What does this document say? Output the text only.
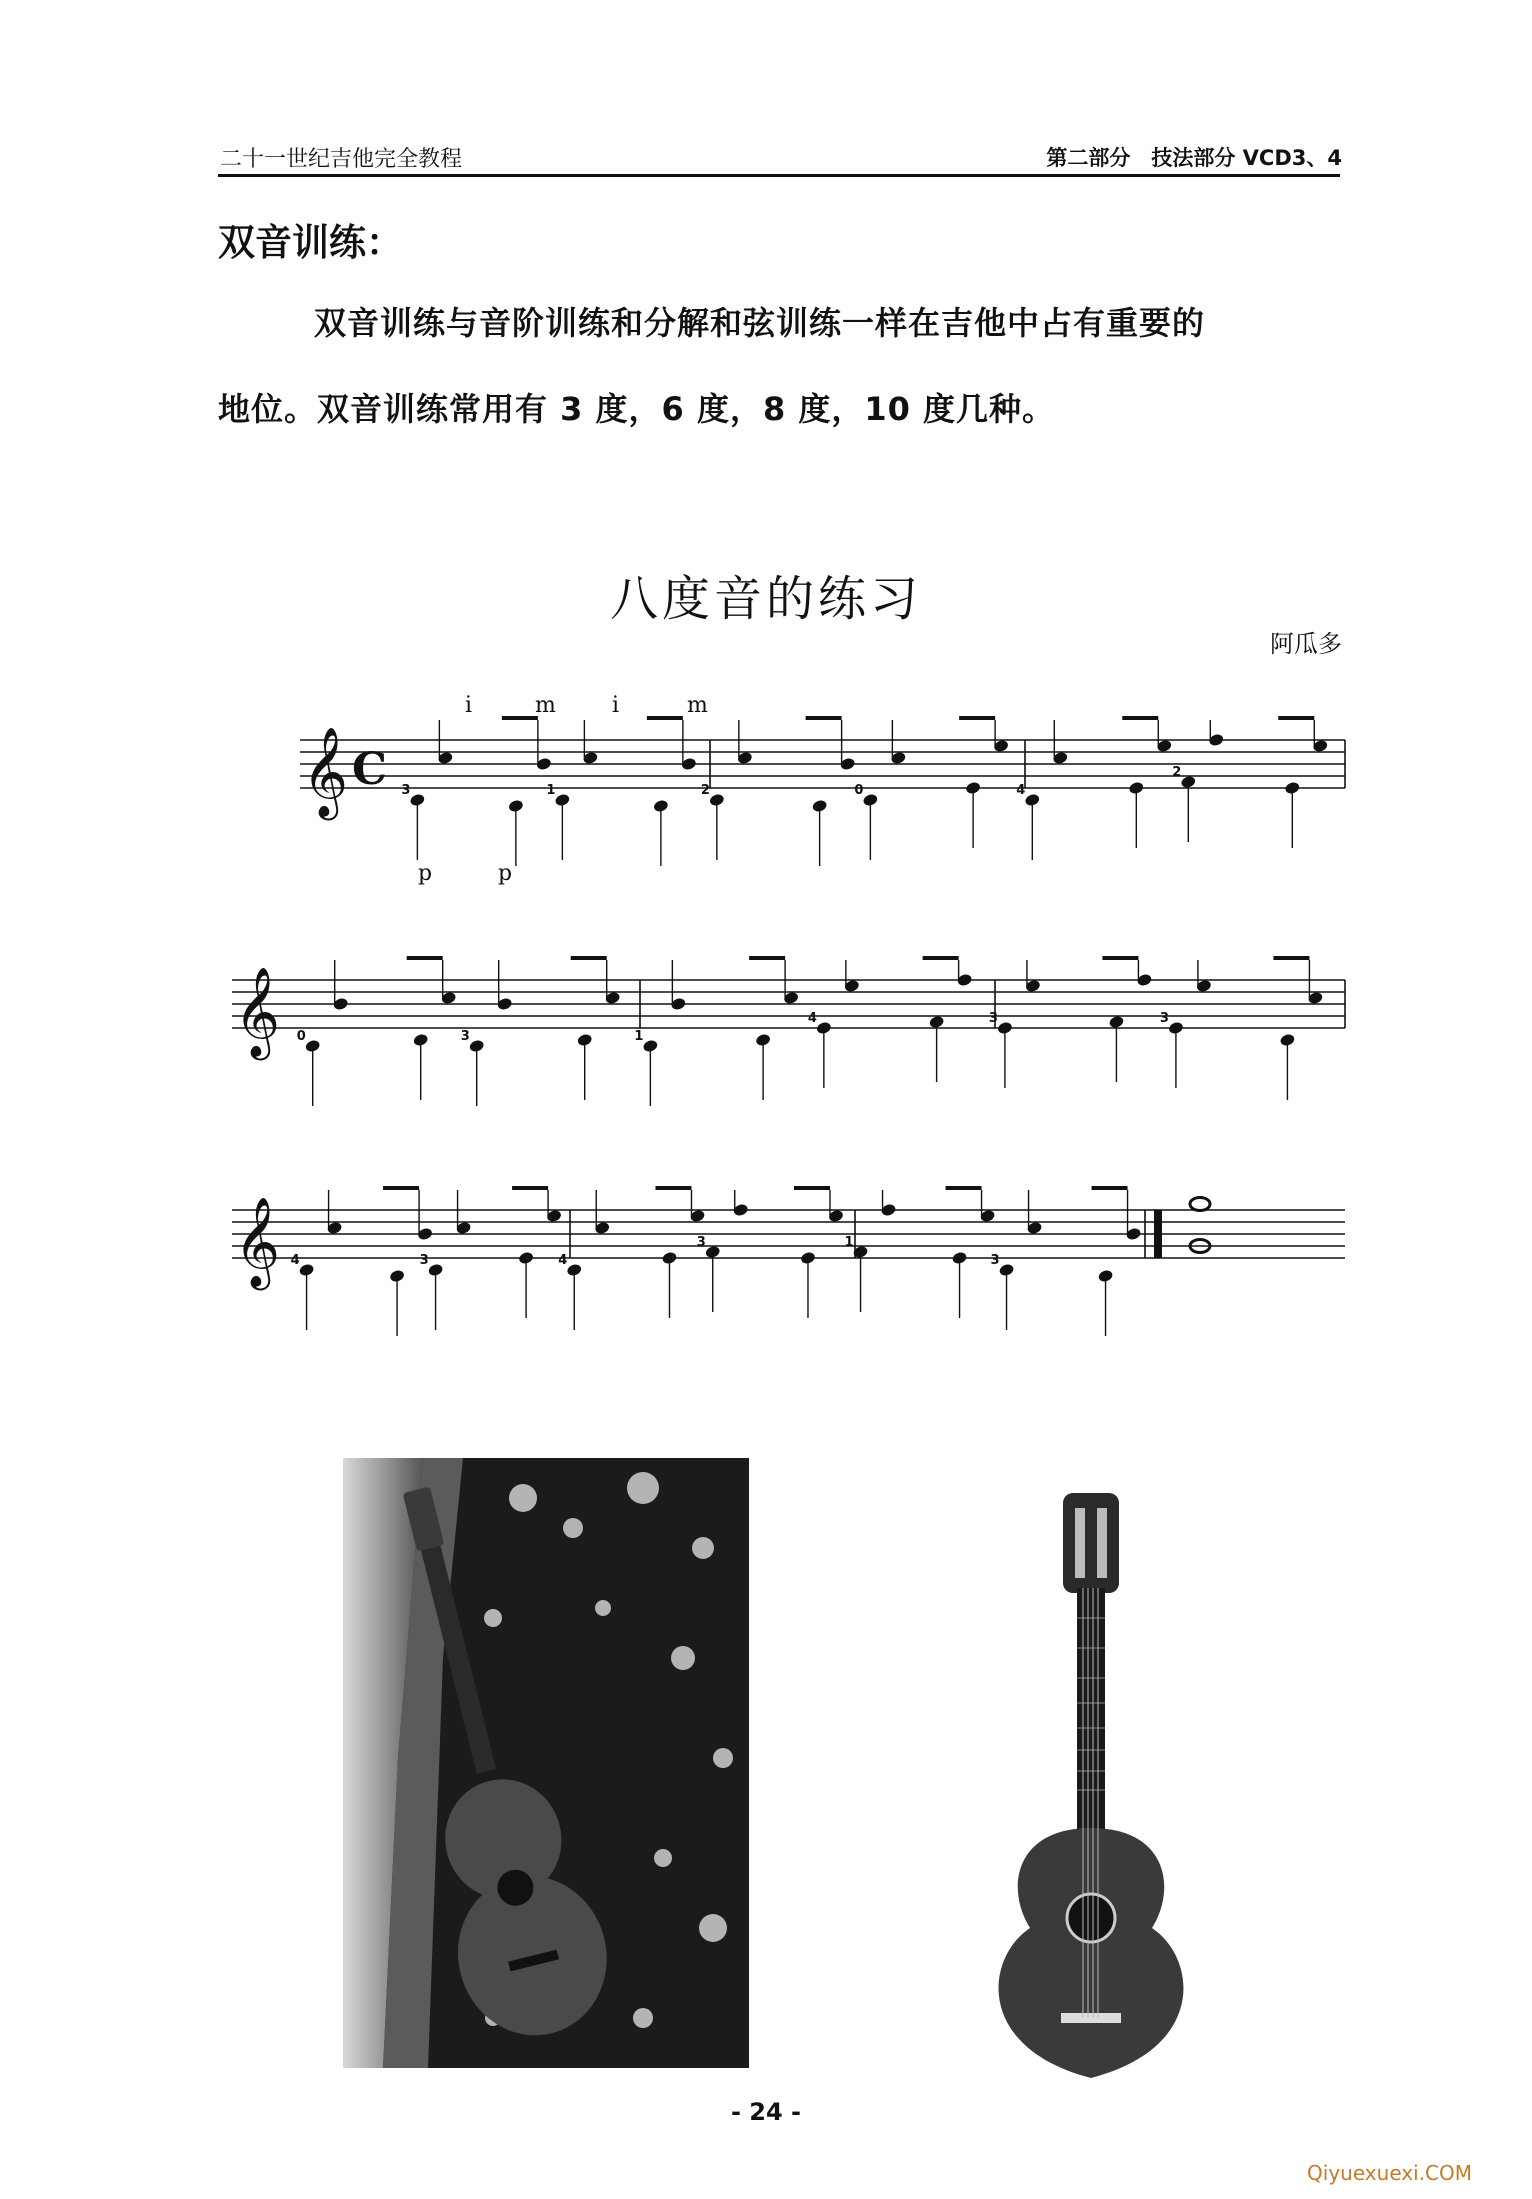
二十一世纪吉他完全教程	第二部分　技法部分 VCD3、4
双音训练：
双音训练与音阶训练和分解和弦训练一样在吉他中占有重要的
地位。双音训练常用有 3 度，6 度，8 度，10 度几种。
八度音的练习
阿瓜多
𝄞	3	1	2	0	4
2
𝄞 0	3	1
4	3	3
𝄞 4	3	4
3	1
3
C
i	m	i	m
p	p
- 24 -
Qiyuexuexi.COM
